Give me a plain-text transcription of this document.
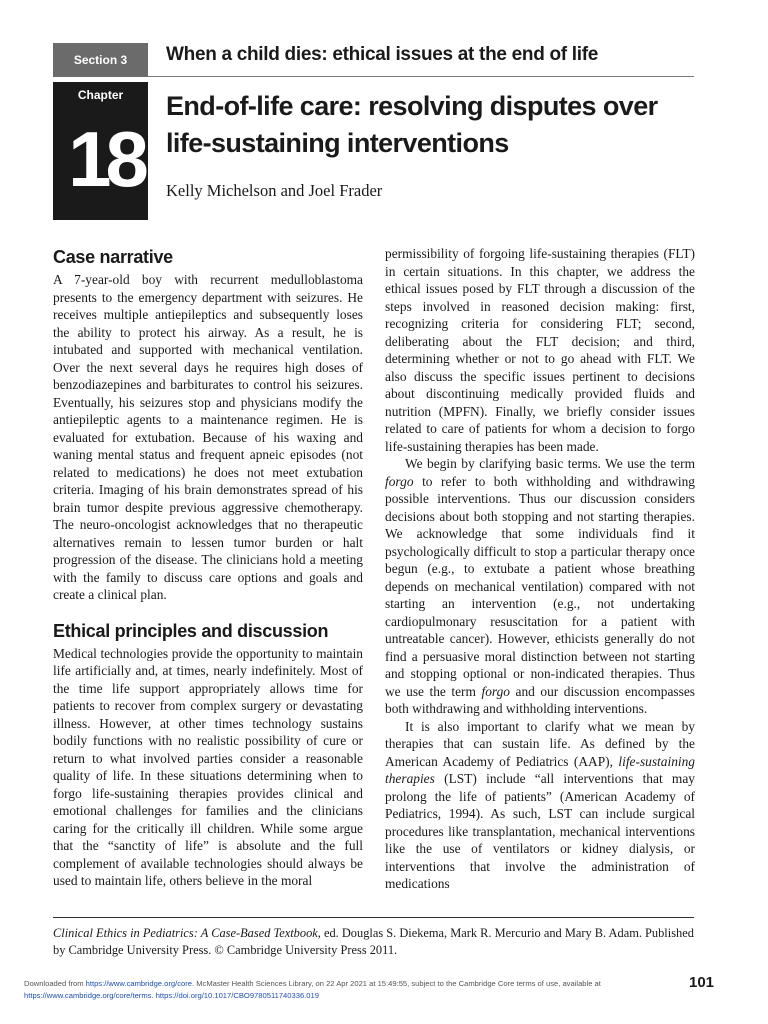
Section 3 When a child dies: ethical issues at the end of life
Chapter
18
End-of-life care: resolving disputes over life-sustaining interventions
Kelly Michelson and Joel Frader
Case narrative

A 7-year-old boy with recurrent medulloblastoma presents to the emergency department with seizures. He receives multiple antiepileptics and subsequently loses the ability to protect his airway. As a result, he is intubated and supported with mechanical ventilation. Over the next several days he requires high doses of benzodiazepines and barbiturates to control his seizures. Eventually, his seizures stop and physicians modify the antiepileptic agents to a maintenance regimen. He is evaluated for extubation. Because of his waxing and waning mental status and frequent apneic episodes (not related to medications) he does not meet extubation criteria. Imaging of his brain demonstrates spread of his brain tumor despite previous aggressive chemotherapy. The neuro-oncologist acknowledges that no therapeutic alternatives remain to lessen tumor burden or halt progression of the disease. The clinicians hold a meeting with the family to discuss care options and goals and create a clinical plan.

Ethical principles and discussion

Medical technologies provide the opportunity to maintain life artificially and, at times, nearly indefinitely. Most of the time life support appropriately allows time for patients to recover from complex surgery or devastating illness. However, at other times technology sustains bodily functions with no realistic possibility of cure or return to what involved parties consider a reasonable quality of life. In these situations determining when to forgo life-sustaining therapies provides clinical and emotional challenges for families and the clinicians caring for the critically ill children. While some argue that the “sanctity of life” is absolute and the full complement of available technologies should always be used to maintain life, others believe in the moral

permissibility of forgoing life-sustaining therapies (FLT) in certain situations. In this chapter, we address the ethical issues posed by FLT through a discussion of the steps involved in reasoned decision making: first, recognizing criteria for considering FLT; second, deliberating about the FLT decision; and third, determining whether or not to go ahead with FLT. We also discuss the specific issues pertinent to decisions about discontinuing medically provided fluids and nutrition (MPFN). Finally, we briefly consider issues related to care of patients for whom a decision to forgo life-sustaining therapies has been made.

We begin by clarifying basic terms. We use the term forgo to refer to both withholding and withdrawing possible interventions. Thus our discussion considers decisions about both stopping and not starting therapies. We acknowledge that some individuals find it psychologically difficult to stop a particular therapy once begun (e.g., to extubate a patient whose breathing depends on mechanical ventilation) compared with not starting an intervention (e.g., not undertaking cardiopulmonary resuscitation for a patient with untreatable cancer). However, ethicists generally do not find a persuasive moral distinction between not starting and stopping optional or non-indicated therapies. Thus we use the term forgo and our discussion encompasses both withdrawing and withholding interventions.

It is also important to clarify what we mean by therapies that can sustain life. As defined by the American Academy of Pediatrics (AAP), life-sustaining therapies (LST) include “all interventions that may prolong the life of patients” (American Academy of Pediatrics, 1994). As such, LST can include surgical procedures like transplantation, mechanical interventions like the use of ventilators or kidney dialysis, or interventions that involve the administration of medications

Clinical Ethics in Pediatrics: A Case-Based Textbook, ed. Douglas S. Diekema, Mark R. Mercurio and Mary B. Adam. Published by Cambridge University Press. © Cambridge University Press 2011.
Downloaded from https://www.cambridge.org/core. McMaster Health Sciences Library, on 22 Apr 2021 at 15:49:55, subject to the Cambridge Core terms of use, available at
https://www.cambridge.org/core/terms. https://doi.org/10.1017/CBO9780511740336.019
101
